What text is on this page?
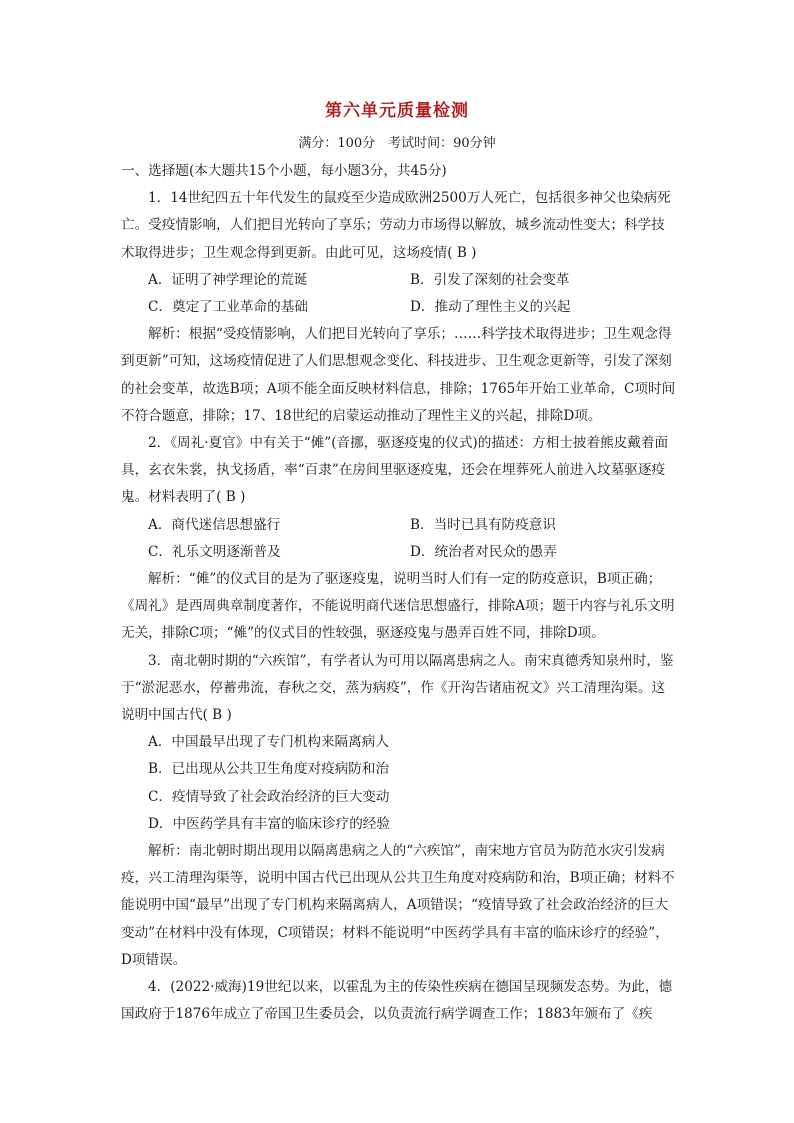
第六单元质量检测
满分：100分　考试时间：90分钟

一、选择题(本大题共15个小题，每小题3分，共45分)

1．14世纪四五十年代发生的鼠疫至少造成欧洲2500万人死亡，包括很多神父也染病死亡。受疫情影响，人们把目光转向了享乐；劳动力市场得以解放，城乡流动性变大；科学技术取得进步；卫生观念得到更新。由此可见，这场疫情( B )

A．证明了神学理论的荒诞	B．引发了深刻的社会变革
C．奠定了工业革命的基础	D．推动了理性主义的兴起

解析：根据“受疫情影响，人们把目光转向了享乐；……科学技术取得进步；卫生观念得到更新”可知，这场疫情促进了人们思想观念变化、科技进步、卫生观念更新等，引发了深刻的社会变革，故选B项；A项不能全面反映材料信息，排除；1765年开始工业革命，C项时间不符合题意，排除；17、18世纪的启蒙运动推动了理性主义的兴起，排除D项。

2．《周礼·夏官》中有关于“傩”(音挪，驱逐疫鬼的仪式)的描述：方相士披着熊皮戴着面具，玄衣朱裳，执戈扬盾，率“百隶”在房间里驱逐疫鬼，还会在埋葬死人前进入坟墓驱逐疫鬼。材料表明了( B )

A．商代迷信思想盛行	B．当时已具有防疫意识
C．礼乐文明逐渐普及	D．统治者对民众的愚弄

解析：“傩”的仪式目的是为了驱逐疫鬼，说明当时人们有一定的防疫意识，B项正确；《周礼》是西周典章制度著作，不能说明商代迷信思想盛行，排除A项；题干内容与礼乐文明无关，排除C项；“傩”的仪式目的性较强，驱逐疫鬼与愚弄百姓不同，排除D项。

3．南北朝时期的“六疾馆”，有学者认为可用以隔离患病之人。南宋真德秀知泉州时，鉴于“淤泥恶水，停蓄弗流，春秋之交，蒸为病疫”，作《开沟告诸庙祝文》兴工清理沟渠。这说明中国古代( B )

A．中国最早出现了专门机构来隔离病人
B．已出现从公共卫生角度对疫病防和治
C．疫情导致了社会政治经济的巨大变动
D．中医药学具有丰富的临床诊疗的经验

解析：南北朝时期出现用以隔离患病之人的“六疾馆”，南宋地方官员为防范水灾引发病疫，兴工清理沟渠等，说明中国古代已出现从公共卫生角度对疫病防和治，B项正确；材料不能说明中国“最早”出现了专门机构来隔离病人，A项错误；“疫情导致了社会政治经济的巨大变动”在材料中没有体现，C项错误；材料不能说明“中医药学具有丰富的临床诊疗的经验”，D项错误。

4．(2022·威海)19世纪以来，以霍乱为主的传染性疾病在德国呈现频发态势。为此，德国政府于1876年成立了帝国卫生委员会，以负责流行病学调查工作；1883年颁布了《疾
